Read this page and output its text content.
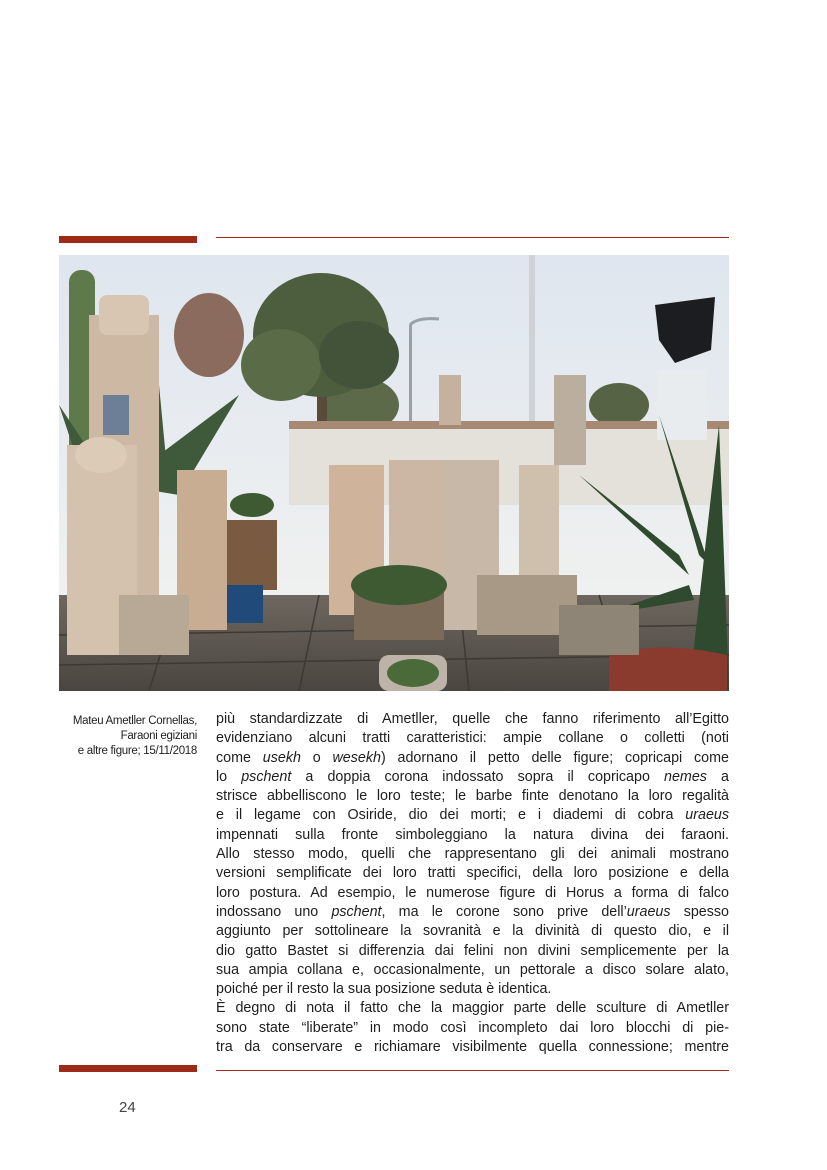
Mateu Ametller Cornellas,
Faraoni egiziani
e altre figure; 15/11/2018
più standardizzate di Ametller, quelle che fanno riferimento all’Egitto
evidenziano alcuni tratti caratteristici: ampie collane o colletti (noti
come usekh o wesekh) adornano il petto delle figure; copricapi come
lo pschent a doppia corona indossato sopra il copricapo nemes a
strisce abbelliscono le loro teste; le barbe finte denotano la loro regalità
e il legame con Osiride, dio dei morti; e i diademi di cobra uraeus
impennati sulla fronte simboleggiano la natura divina dei faraoni.
Allo stesso modo, quelli che rappresentano gli dei animali mostrano
versioni semplificate dei loro tratti specifici, della loro posizione e della
loro postura. Ad esempio, le numerose figure di Horus a forma di falco
indossano uno pschent, ma le corone sono prive dell’uraeus spesso
aggiunto per sottolineare la sovranità e la divinità di questo dio, e il
dio gatto Bastet si differenzia dai felini non divini semplicemente per la
sua ampia collana e, occasionalmente, un pettorale a disco solare alato,
poiché per il resto la sua posizione seduta è identica.
È degno di nota il fatto che la maggior parte delle sculture di Ametller
sono state “liberate” in modo così incompleto dai loro blocchi di pie-
tra da conservare e richiamare visibilmente quella connessione; mentre
24
